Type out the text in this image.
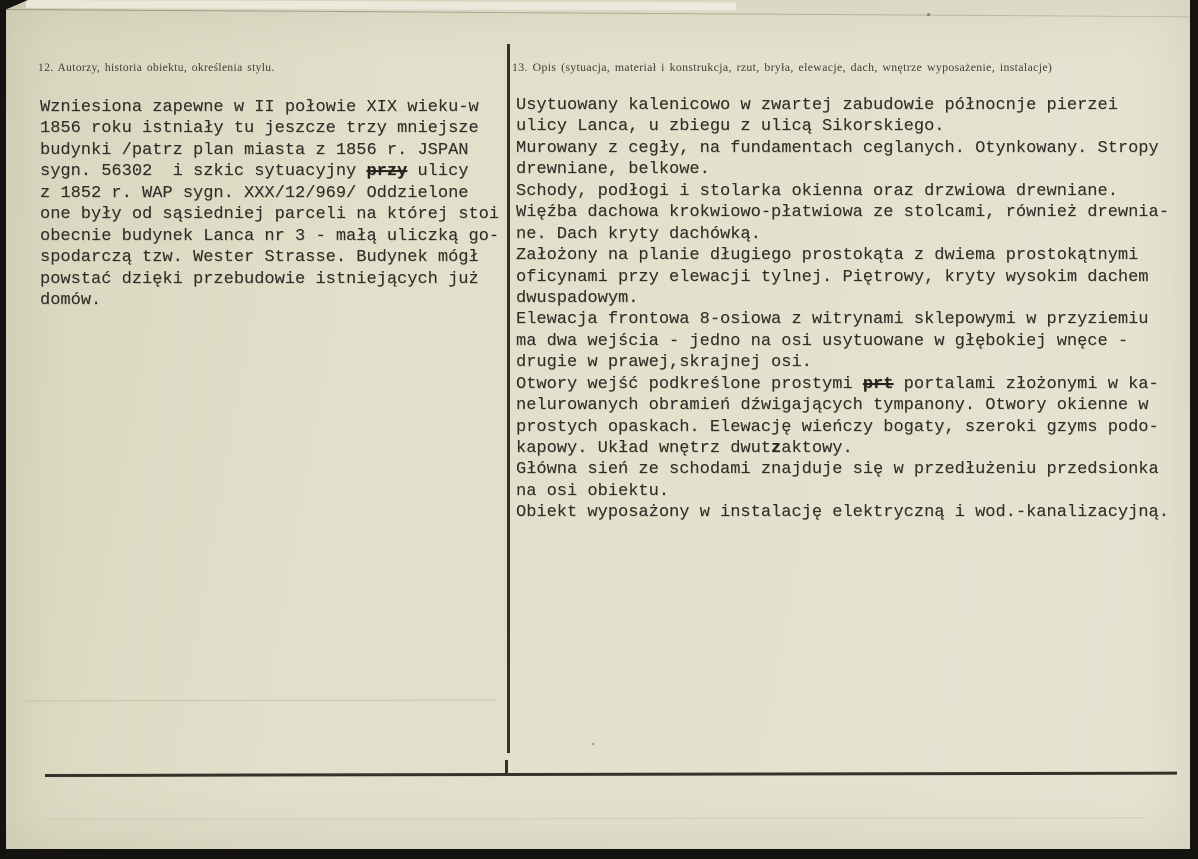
12. Autorzy, historia obiektu, określenia stylu.	13. Opis (sytuacja, materiał i konstrukcja, rzut, bryła, elewacje, dach, wnętrze wyposażenie, instalacje)
Wzniesiona zapewne w II połowie XIX wieku-w
1856 roku istniały tu jeszcze trzy mniejsze
budynki /patrz plan miasta z 1856 r. JSPAN
sygn. 56302  i szkic sytuacyjny przy ulicy
z 1852 r. WAP sygn. XXX/12/969/ Oddzielone
one były od sąsiedniej parceli na której stoi
obecnie budynek Lanca nr 3 - małą uliczką go-
spodarczą tzw. Wester Strasse. Budynek mógł
powstać dzięki przebudowie istniejących już
domów.
Usytuowany kalenicowo w zwartej zabudowie północnje pierzei
ulicy Lanca, u zbiegu z ulicą Sikorskiego.
Murowany z cegły, na fundamentach ceglanych. Otynkowany. Stropy
drewniane, belkowe.
Schody, podłogi i stolarka okienna oraz drzwiowa drewniane.
Więźba dachowa krokwiowo-płatwiowa ze stolcami, również drewnia-
ne. Dach kryty dachówką.
Założony na planie długiego prostokąta z dwiema prostokątnymi
oficynami przy elewacji tylnej. Piętrowy, kryty wysokim dachem
dwuspadowym.
Elewacja frontowa 8-osiowa z witrynami sklepowymi w przyziemiu
ma dwa wejścia - jedno na osi usytuowane w głębokiej wnęce -
drugie w prawej,skrajnej osi.
Otwory wejść podkreślone prostymi prt portalami złożonymi w ka-
nelurowanych obramień dźwigających tympanony. Otwory okienne w
prostych opaskach. Elewację wieńczy bogaty, szeroki gzyms podo-
kapowy. Układ wnętrz dwutzaktowy.
Główna sień ze schodami znajduje się w przedłużeniu przedsionka
na osi obiektu.
Obiekt wyposażony w instalację elektryczną i wod.-kanalizacyjną.
